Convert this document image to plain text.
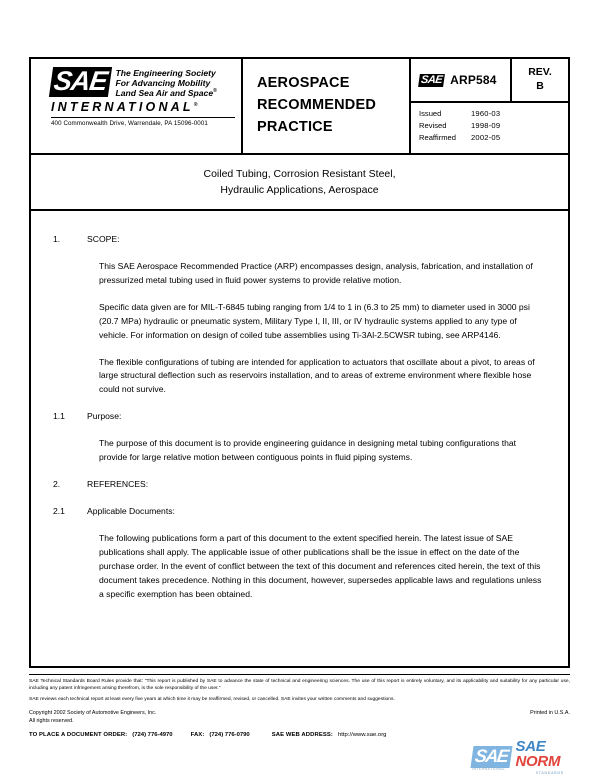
SAE The Engineering Society
For Advancing Mobility
Land Sea Air and Space®
INTERNATIONAL®
400 Commonwealth Drive, Warrendale, PA 15096-0001
AEROSPACE
RECOMMENDED
PRACTICE
SAE ARP584
REV.
B
Issued	1960-03
Revised	1998-09
Reaffirmed	2002-05
Coiled Tubing, Corrosion Resistant Steel,
Hydraulic Applications, Aerospace
1.	SCOPE:

This SAE Aerospace Recommended Practice (ARP) encompasses design, analysis, fabrication, and installation of pressurized metal tubing used in fluid power systems to provide relative motion.

Specific data given are for MIL-T-6845 tubing ranging from 1/4 to 1 in (6.3 to 25 mm) to diameter used in 3000 psi (20.7 MPa) hydraulic or pneumatic system, Military Type I, II, III, or IV hydraulic systems applied to any type of vehicle. For information on design of coiled tube assemblies using Ti-3Al-2.5CWSR tubing, see ARP4146.

The flexible configurations of tubing are intended for application to actuators that oscillate about a pivot, to areas of large structural deflection such as reservoirs installation, and to areas of extreme environment where flexible hose could not survive.

1.1	Purpose:

The purpose of this document is to provide engineering guidance in designing metal tubing configurations that provide for large relative motion between contiguous points in fluid piping systems.

2.	REFERENCES:
2.1	Applicable Documents:

The following publications form a part of this document to the extent specified herein. The latest issue of SAE publications shall apply. The applicable issue of other publications shall be the issue in effect on the date of the purchase order. In the event of conflict between the text of this document and references cited herein, the text of this document takes precedence. Nothing in this document, however, supersedes applicable laws and regulations unless a specific exemption has been obtained.

SAE Technical Standards Board Rules provide that: "This report is published by SAE to advance the state of technical and engineering sciences. The use of this report is entirely voluntary, and its applicability and suitability for any particular use, including any patent infringement arising therefrom, is the sole responsibility of the user."
SAE reviews each technical report at least every five years at which time it may be reaffirmed, revised, or cancelled. SAE invites your written comments and suggestions.
Copyright 2002 Society of Automotive Engineers, Inc.
All rights reserved.
Printed in U.S.A.
TO PLACE A DOCUMENT ORDER: (724) 776-4970	FAX: (724) 776-0790	SAE WEB ADDRESS: http://www.sae.org
SAE SAE NORM
STANDARDS
INTERNATIONAL
